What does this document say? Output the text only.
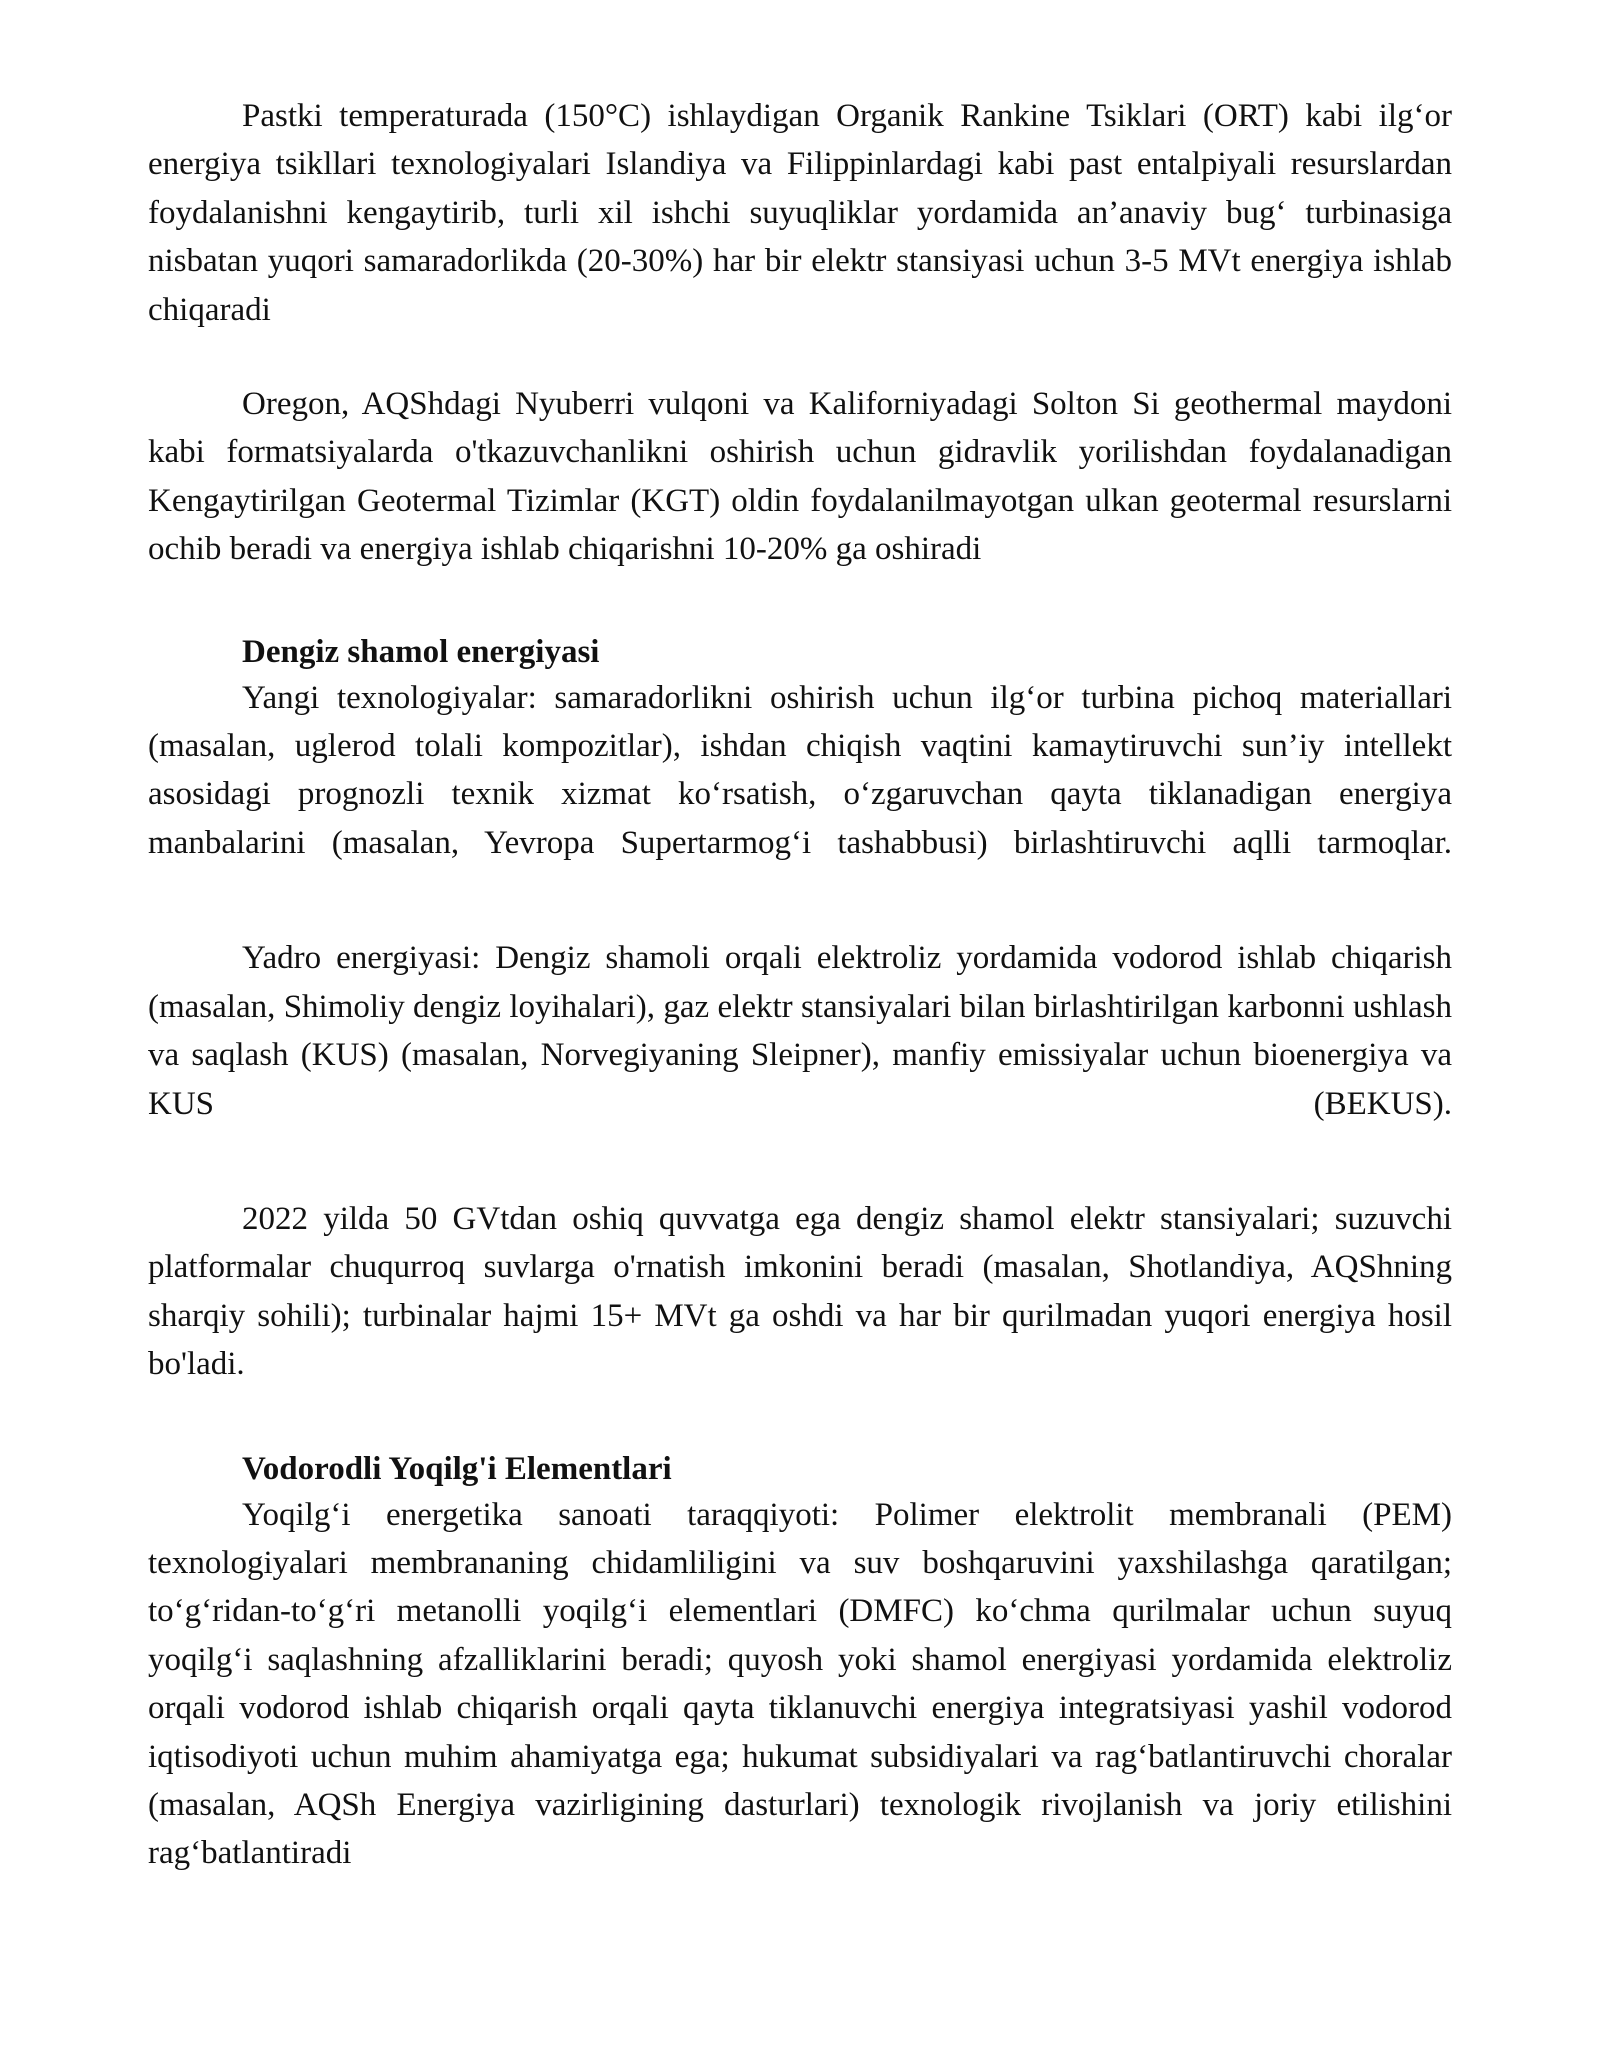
Pastki temperaturada (150°C) ishlaydigan Organik Rankine Tsiklari (ORT) kabi ilg‘or energiya tsikllari texnologiyalari Islandiya va Filippinlardagi kabi past entalpiyali resurslardan foydalanishni kengaytirib, turli xil ishchi suyuqliklar yordamida an’anaviy bug‘ turbinasiga nisbatan yuqori samaradorlikda (20-30%) har bir elektr stansiyasi uchun 3-5 MVt energiya ishlab chiqaradi

Oregon, AQShdagi Nyuberri vulqoni va Kaliforniyadagi Solton Si geothermal maydoni kabi formatsiyalarda o'tkazuvchanlikni oshirish uchun gidravlik yorilishdan foydalanadigan Kengaytirilgan Geotermal Tizimlar (KGT) oldin foydalanilmayotgan ulkan geotermal resurslarni ochib beradi va energiya ishlab chiqarishni 10-20% ga oshiradi

Dengiz shamol energiyasi

Yangi texnologiyalar: samaradorlikni oshirish uchun ilg‘or turbina pichoq materiallari (masalan, uglerod tolali kompozitlar), ishdan chiqish vaqtini kamaytiruvchi sun’iy intellekt asosidagi prognozli texnik xizmat ko‘rsatish, o‘zgaruvchan qayta tiklanadigan energiya manbalarini (masalan, Yevropa Supertarmog‘i tashabbusi) birlashtiruvchi aqlli tarmoqlar.

Yadro energiyasi: Dengiz shamoli orqali elektroliz yordamida vodorod ishlab chiqarish (masalan, Shimoliy dengiz loyihalari), gaz elektr stansiyalari bilan birlashtirilgan karbonni ushlash va saqlash (KUS) (masalan, Norvegiyaning Sleipner), manfiy emissiyalar uchun bioenergiya va KUS (BEKUS).

2022 yilda 50 GVtdan oshiq quvvatga ega dengiz shamol elektr stansiyalari; suzuvchi platformalar chuqurroq suvlarga o'rnatish imkonini beradi (masalan, Shotlandiya, AQShning sharqiy sohili); turbinalar hajmi 15+ MVt ga oshdi va har bir qurilmadan yuqori energiya hosil bo'ladi.

Vodorodli Yoqilg'i Elementlari

Yoqilg‘i energetika sanoati taraqqiyoti: Polimer elektrolit membranali (PEM) texnologiyalari membrananing chidamliligini va suv boshqaruvini yaxshilashga qaratilgan; to‘g‘ridan-to‘g‘ri metanolli yoqilg‘i elementlari (DMFC) ko‘chma qurilmalar uchun suyuq yoqilg‘i saqlashning afzalliklarini beradi; quyosh yoki shamol energiyasi yordamida elektroliz orqali vodorod ishlab chiqarish orqali qayta tiklanuvchi energiya integratsiyasi yashil vodorod iqtisodiyoti uchun muhim ahamiyatga ega; hukumat subsidiyalari va rag‘batlantiruvchi choralar (masalan, AQSh Energiya vazirligining dasturlari) texnologik rivojlanish va joriy etilishini rag‘batlantiradi
